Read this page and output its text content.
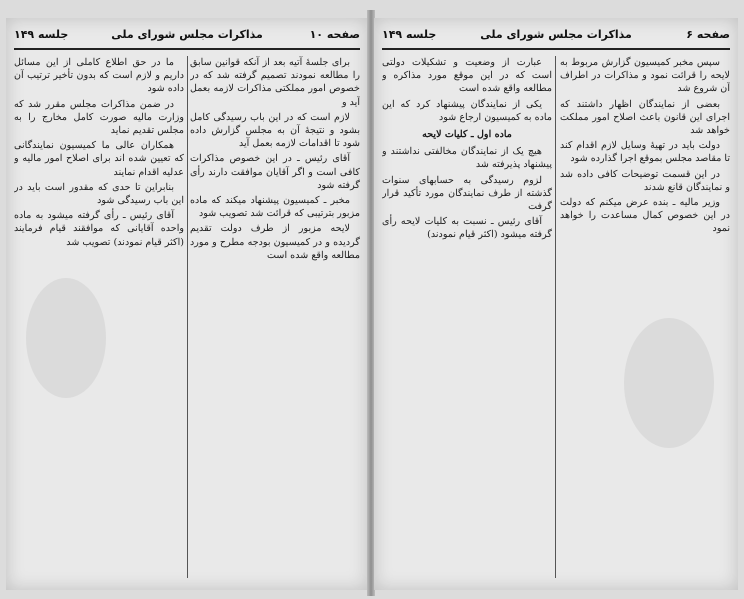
صفحه ۱۰
مذاکرات مجلس شورای ملی
جلسه ۱۴۹

برای جلسهٔ آتیه بعد از آنکه قوانین سابق را مطالعه نمودند تصمیم گرفته شد که در خصوص امور مملکتی مذاکرات لازمه بعمل آید و

لازم است که در این باب رسیدگی کامل بشود و نتیجهٔ آن به مجلس گزارش داده شود تا اقدامات لازمه بعمل آید

آقای رئیس ـ در این خصوص مذاکرات کافی است و اگر آقایان موافقت دارند رأی گرفته شود

مخبر ـ کمیسیون پیشنهاد میکند که ماده مزبور بترتیبی که قرائت شد تصویب شود

لایحه مزبور از طرف دولت تقدیم گردیده و در کمیسیون بودجه مطرح و مورد مطالعه واقع شده است

ما در حق اطلاع کاملی از این مسائل داریم و لازم است که بدون تأخیر ترتیب آن داده شود

در ضمن مذاکرات مجلس مقرر شد که وزارت مالیه صورت کامل مخارج را به مجلس تقدیم نماید

همکاران عالی ما کمیسیون نمایندگانی که تعیین شده اند برای اصلاح امور مالیه و عدلیه اقدام نمایند

بنابراین تا حدی که مقدور است باید در این باب رسیدگی شود

آقای رئیس ـ رأی گرفته میشود به ماده واحده آقایانی که موافقند قیام فرمایند (اکثر قیام نمودند) تصویب شد

صفحه ۶
مذاکرات مجلس شورای ملی
جلسه ۱۴۹

سپس مخبر کمیسیون گزارش مربوط به لایحه را قرائت نمود و مذاکرات در اطراف آن شروع شد

بعضی از نمایندگان اظهار داشتند که اجرای این قانون باعث اصلاح امور مملکت خواهد شد

دولت باید در تهیهٔ وسایل لازم اقدام کند تا مقاصد مجلس بموقع اجرا گذارده شود

در این قسمت توضیحات کافی داده شد و نمایندگان قانع شدند

وزیر مالیه ـ بنده عرض میکنم که دولت در این خصوص کمال مساعدت را خواهد نمود

عبارت از وضعیت و تشکیلات دولتی است که در این موقع مورد مذاکره و مطالعه واقع شده است

یکی از نمایندگان پیشنهاد کرد که این ماده به کمیسیون ارجاع شود

ماده اول ـ کلیات لایحه

هیچ یک از نمایندگان مخالفتی نداشتند و پیشنهاد پذیرفته شد

لزوم رسیدگی به حسابهای سنوات گذشته از طرف نمایندگان مورد تأکید قرار گرفت

آقای رئیس ـ نسبت به کلیات لایحه رأی گرفته میشود (اکثر قیام نمودند)
